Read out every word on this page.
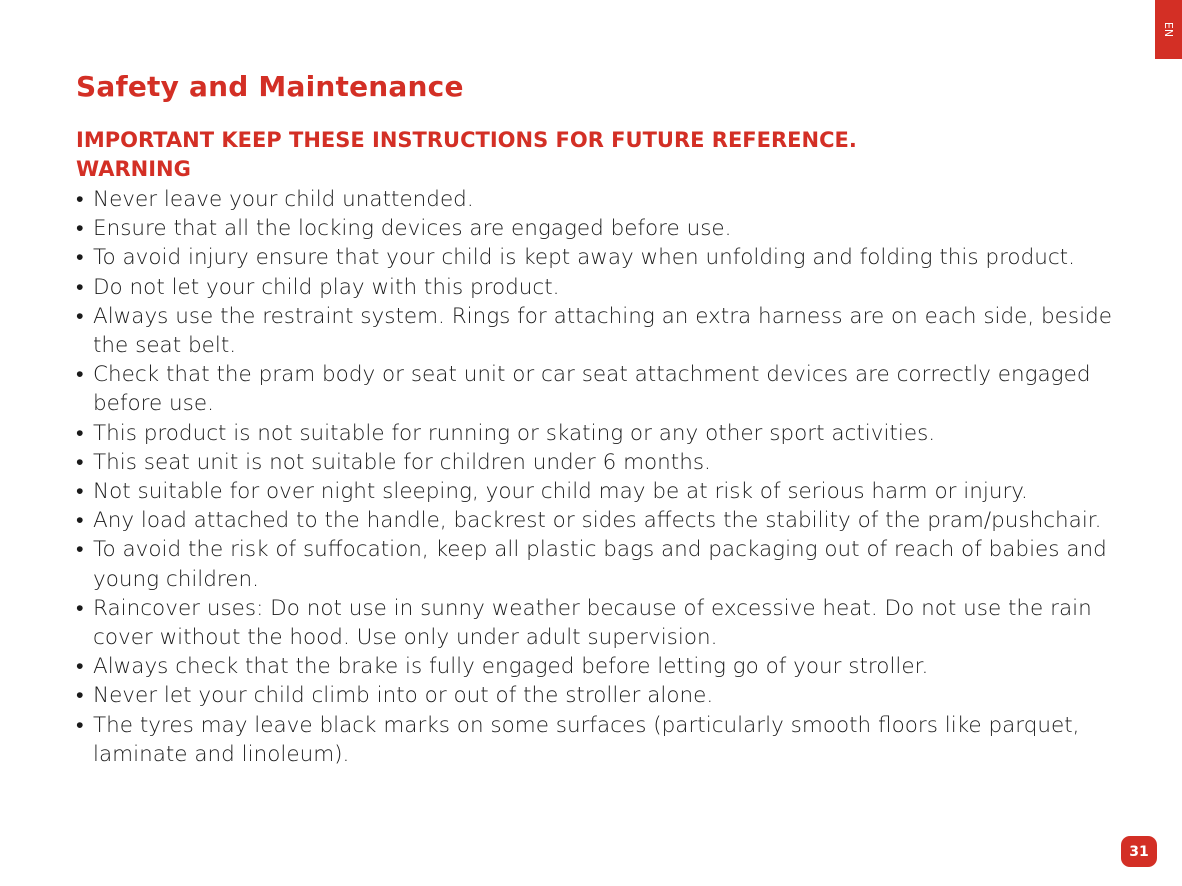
EN
Safety and Maintenance

IMPORTANT KEEP THESE INSTRUCTIONS FOR FUTURE REFERENCE.

WARNING

• Never leave your child unattended.
• Ensure that all the locking devices are engaged before use.
• To avoid injury ensure that your child is kept away when unfolding and folding this product.
• Do not let your child play with this product.
• Always use the restraint system. Rings for attaching an extra harness are on each side, beside the seat belt.
• Check that the pram body or seat unit or car seat attachment devices are correctly engaged before use.
• This product is not suitable for running or skating or any other sport activities.
• This seat unit is not suitable for children under 6 months.
• Not suitable for over night sleeping, your child may be at risk of serious harm or injury.
• Any load attached to the handle, backrest or sides affects the stability of the pram/pushchair.
• To avoid the risk of suffocation, keep all plastic bags and packaging out of reach of babies and young children.
• Raincover uses: Do not use in sunny weather because of excessive heat. Do not use the rain cover without the hood. Use only under adult supervision.
• Always check that the brake is fully engaged before letting go of your stroller.
• Never let your child climb into or out of the stroller alone.
• The tyres may leave black marks on some surfaces (particularly smooth floors like parquet, laminate and linoleum).
31
